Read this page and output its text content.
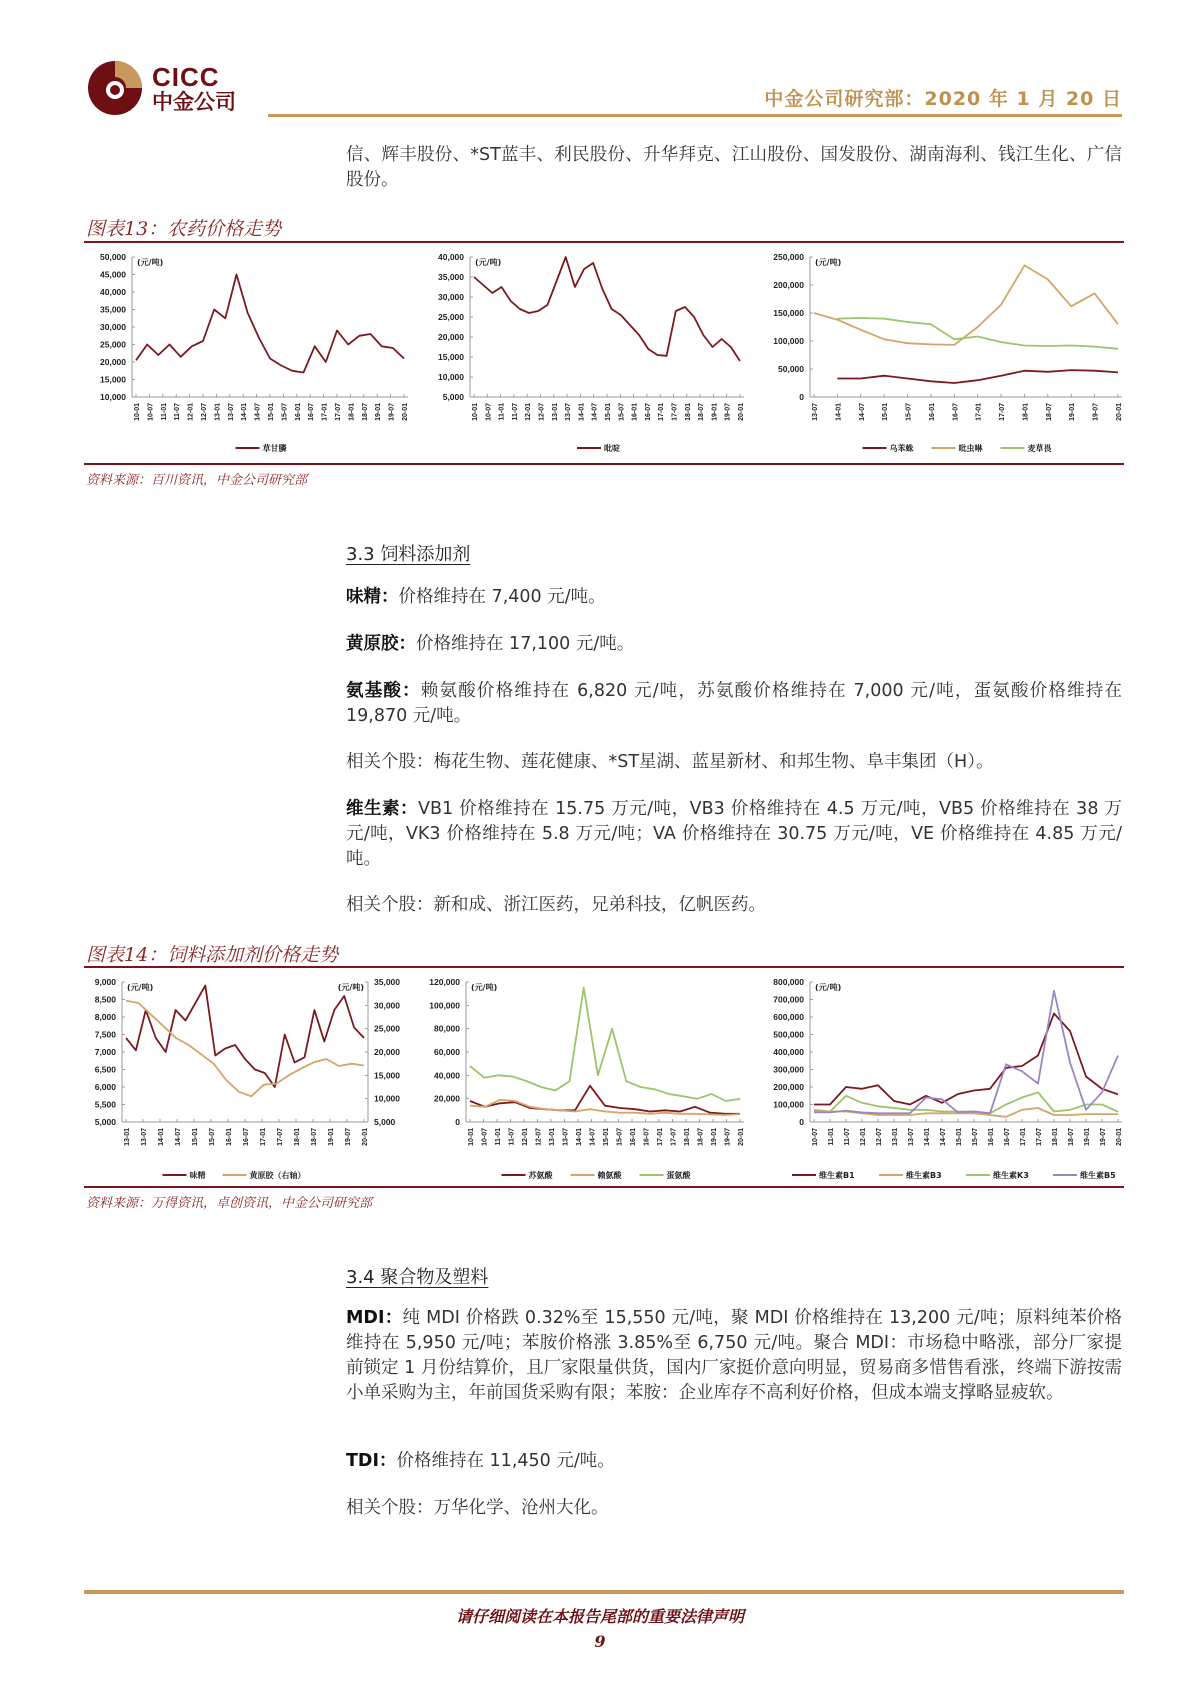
CICC
中金公司	中金公司研究部：2020 年 1 月 20 日
信、辉丰股份、*ST蓝丰、利民股份、升华拜克、江山股份、国发股份、湖南海利、钱江生化、广信股份。
图表13：农药价格走势
10,000
15,000
20,000
25,000
30,000
35,000
40,000
45,000
50,000
(元/吨)
10-01 10-07 11-01 11-07 12-01 12-07 13-01 13-07 14-01 14-07 15-01 15-07 16-01 16-07 17-01 17-07 18-01 18-07 19-01 19-07 20-01
草甘膦
5,000
10,000
15,000
20,000
25,000
30,000
35,000
40,000
(元/吨)
10-01 10-07 11-01 11-07 12-01 12-07 13-01 13-07 14-01 14-07 15-01 15-07 16-01 16-07 17-01 17-07 18-01 18-07 19-01 19-07 20-01
吡啶
0
50,000
100,000
150,000
200,000
250,000
(元/吨)
13-07 14-01 14-07 15-01 15-07 16-01 16-07 17-01 17-07 18-01 18-07 19-01 19-07 20-01
乌苯蛛	吡虫啉	麦草畏
资料来源：百川资讯，中金公司研究部
3.3 饲料添加剂
味精：价格维持在 7,400 元/吨。
黄原胶：价格维持在 17,100 元/吨。
氨基酸：赖氨酸价格维持在 6,820 元/吨，苏氨酸价格维持在 7,000 元/吨，蛋氨酸价格维持在 19,870 元/吨。
相关个股：梅花生物、莲花健康、*ST星湖、蓝星新材、和邦生物、阜丰集团（H）。
维生素：VB1 价格维持在 15.75 万元/吨，VB3 价格维持在 4.5 万元/吨，VB5 价格维持在 38 万元/吨，VK3 价格维持在 5.8 万元/吨；VA 价格维持在 30.75 万元/吨，VE 价格维持在 4.85 万元/吨。
相关个股：新和成、浙江医药，兄弟科技，亿帆医药。
图表14：饲料添加剂价格走势
5,000
5,500
6,000
6,500
7,000
7,500
8,000
8,500
9,000
5,000
10,000
15,000
20,000
25,000
30,000
35,000
(元/吨)
(元/吨)
13-01 13-07 14-01 14-07 15-01 15-07 16-01 16-07 17-01 17-07 18-01 18-07 19-01 19-07 20-01
味精	黄原胶（右轴）
0
20,000
40,000
60,000
80,000
100,000
120,000
(元/吨)
10-01 10-07 11-01 11-07 12-01 12-07 13-01 13-07 14-01 14-07 15-01 15-07 16-01 16-07 17-01 17-07 18-01 18-07 19-01 19-07 20-01
苏氨酸	赖氨酸	蛋氨酸
0
100,000
200,000
300,000
400,000
500,000
600,000
700,000
800,000
(元/吨)
10-07 11-01 11-07 12-01 12-07 13-01 13-07 14-01 14-07 15-01 15-07 16-01 16-07 17-01 17-07 18-01 18-07 19-01 19-07 20-01
维生素B1	维生素B3	维生素K3	维生素B5
资料来源：万得资讯，卓创资讯，中金公司研究部
3.4 聚合物及塑料
MDI：纯 MDI 价格跌 0.32%至 15,550 元/吨，聚 MDI 价格维持在 13,200 元/吨；原料纯苯价格维持在 5,950 元/吨；苯胺价格涨 3.85%至 6,750 元/吨。聚合 MDI：市场稳中略涨，部分厂家提前锁定 1 月份结算价，且厂家限量供货，国内厂家挺价意向明显，贸易商多惜售看涨，终端下游按需小单采购为主，年前国货采购有限；苯胺：企业库存不高利好价格，但成本端支撑略显疲软。
TDI：价格维持在 11,450 元/吨。
相关个股：万华化学、沧州大化。
请仔细阅读在本报告尾部的重要法律声明
9
